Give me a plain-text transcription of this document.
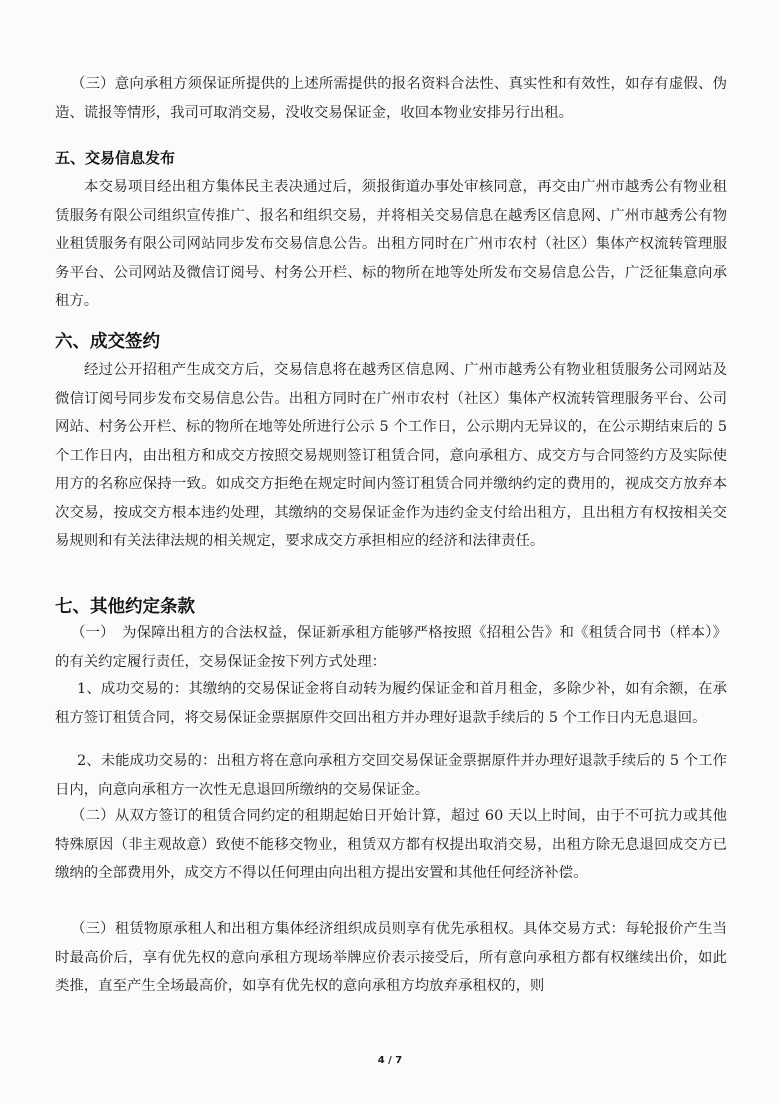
（三）意向承租方须保证所提供的上述所需提供的报名资料合法性、真实性和有效性，如存有虚假、伪造、谎报等情形，我司可取消交易，没收交易保证金，收回本物业安排另行出租。

五、交易信息发布

本交易项目经出租方集体民主表决通过后，须报街道办事处审核同意，再交由广州市越秀公有物业租赁服务有限公司组织宣传推广、报名和组织交易，并将相关交易信息在越秀区信息网、广州市越秀公有物业租赁服务有限公司网站同步发布交易信息公告。出租方同时在广州市农村（社区）集体产权流转管理服务平台、公司网站及微信订阅号、村务公开栏、标的物所在地等处所发布交易信息公告，广泛征集意向承租方。

六、成交签约

经过公开招租产生成交方后，交易信息将在越秀区信息网、广州市越秀公有物业租赁服务公司网站及微信订阅号同步发布交易信息公告。出租方同时在广州市农村（社区）集体产权流转管理服务平台、公司网站、村务公开栏、标的物所在地等处所进行公示 5 个工作日，公示期内无异议的，在公示期结束后的 5 个工作日内，由出租方和成交方按照交易规则签订租赁合同，意向承租方、成交方与合同签约方及实际使用方的名称应保持一致。如成交方拒绝在规定时间内签订租赁合同并缴纳约定的费用的，视成交方放弃本次交易，按成交方根本违约处理，其缴纳的交易保证金作为违约金支付给出租方，且出租方有权按相关交易规则和有关法律法规的相关规定，要求成交方承担相应的经济和法律责任。

七、其他约定条款

（一）　为保障出租方的合法权益，保证新承租方能够严格按照《招租公告》和《租赁合同书（样本）》的有关约定履行责任，交易保证金按下列方式处理：

1、成功交易的：其缴纳的交易保证金将自动转为履约保证金和首月租金，多除少补，如有余额，在承租方签订租赁合同，将交易保证金票据原件交回出租方并办理好退款手续后的 5 个工作日内无息退回。

2、未能成功交易的：出租方将在意向承租方交回交易保证金票据原件并办理好退款手续后的 5 个工作日内，向意向承租方一次性无息退回所缴纳的交易保证金。

（二）从双方签订的租赁合同约定的租期起始日开始计算，超过 60 天以上时间，由于不可抗力或其他特殊原因（非主观故意）致使不能移交物业，租赁双方都有权提出取消交易，出租方除无息退回成交方已缴纳的全部费用外，成交方不得以任何理由向出租方提出安置和其他任何经济补偿。

（三）租赁物原承租人和出租方集体经济组织成员则享有优先承租权。具体交易方式：每轮报价产生当时最高价后，享有优先权的意向承租方现场举牌应价表示接受后，所有意向承租方都有权继续出价，如此类推，直至产生全场最高价，如享有优先权的意向承租方均放弃承租权的，则

4 / 7
